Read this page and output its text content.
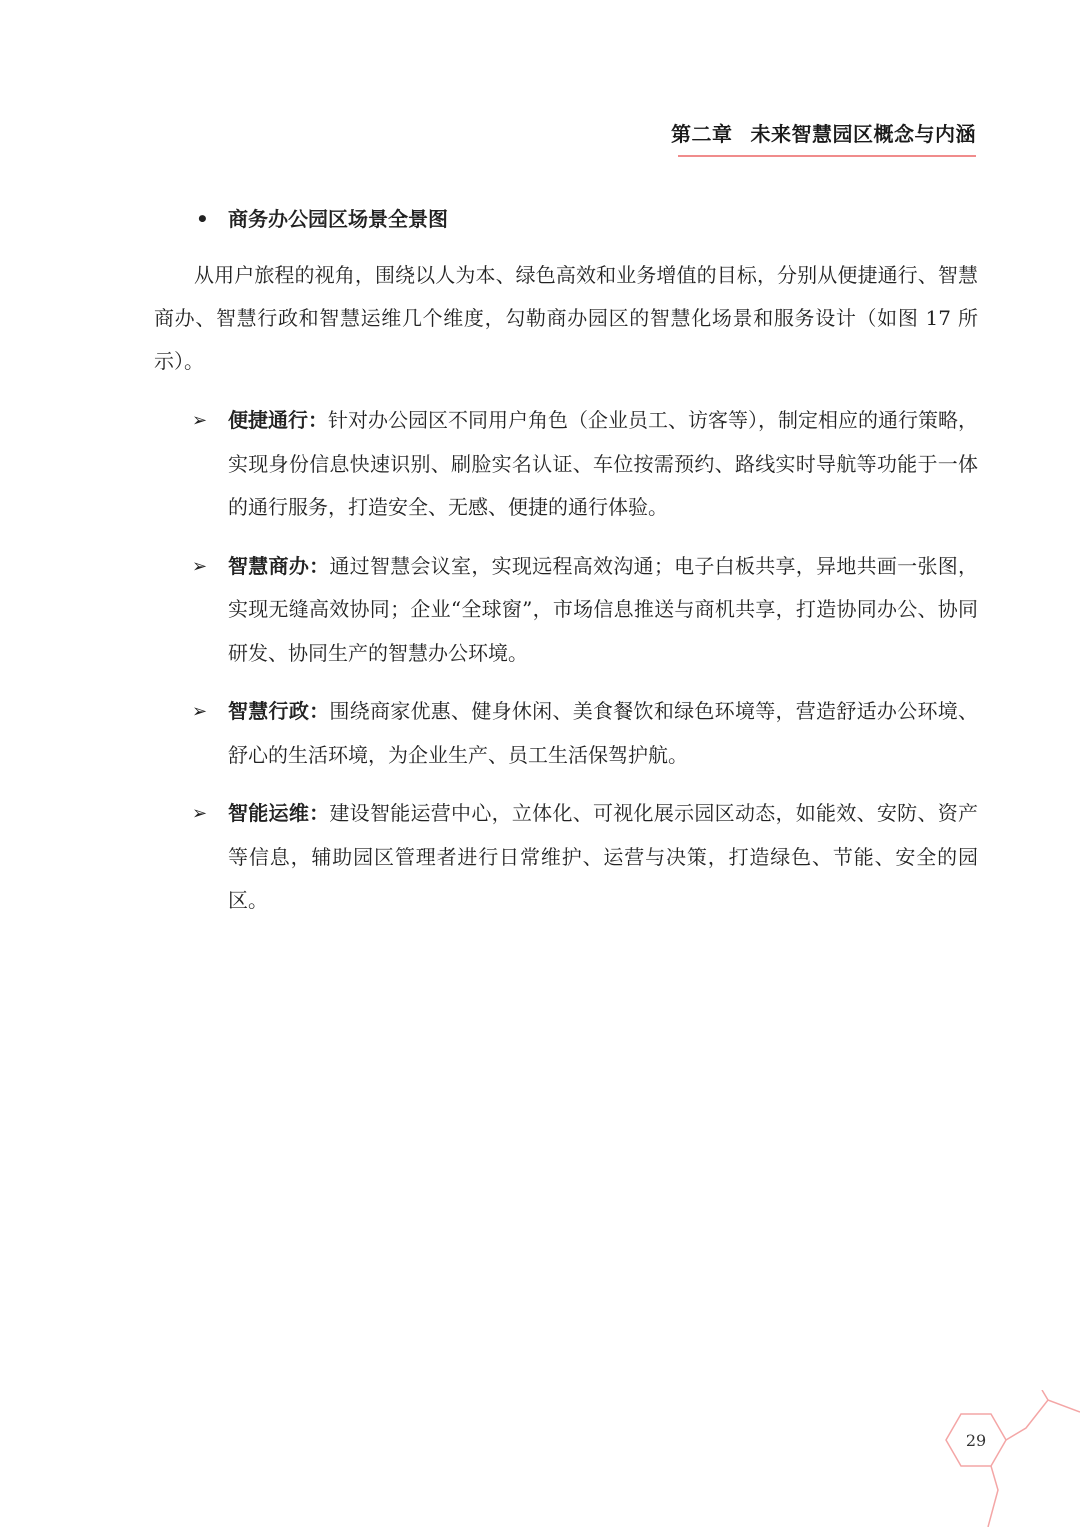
第二章 未来智慧园区概念与内涵
• 商务办公园区场景全景图

从用户旅程的视角，围绕以人为本、绿色高效和业务增值的目标，分别从便捷通行、智慧商办、智慧行政和智慧运维几个维度，勾勒商办园区的智慧化场景和服务设计（如图 17 所示）。

➢ 便捷通行：针对办公园区不同用户角色（企业员工、访客等），制定相应的通行策略，实现身份信息快速识别、刷脸实名认证、车位按需预约、路线实时导航等功能于一体的通行服务，打造安全、无感、便捷的通行体验。
➢ 智慧商办：通过智慧会议室，实现远程高效沟通；电子白板共享，异地共画一张图，实现无缝高效协同；企业“全球窗”，市场信息推送与商机共享，打造协同办公、协同研发、协同生产的智慧办公环境。
➢ 智慧行政：围绕商家优惠、健身休闲、美食餐饮和绿色环境等，营造舒适办公环境、舒心的生活环境，为企业生产、员工生活保驾护航。
➢ 智能运维：建设智能运营中心，立体化、可视化展示园区动态，如能效、安防、资产等信息，辅助园区管理者进行日常维护、运营与决策，打造绿色、节能、安全的园区。
29
